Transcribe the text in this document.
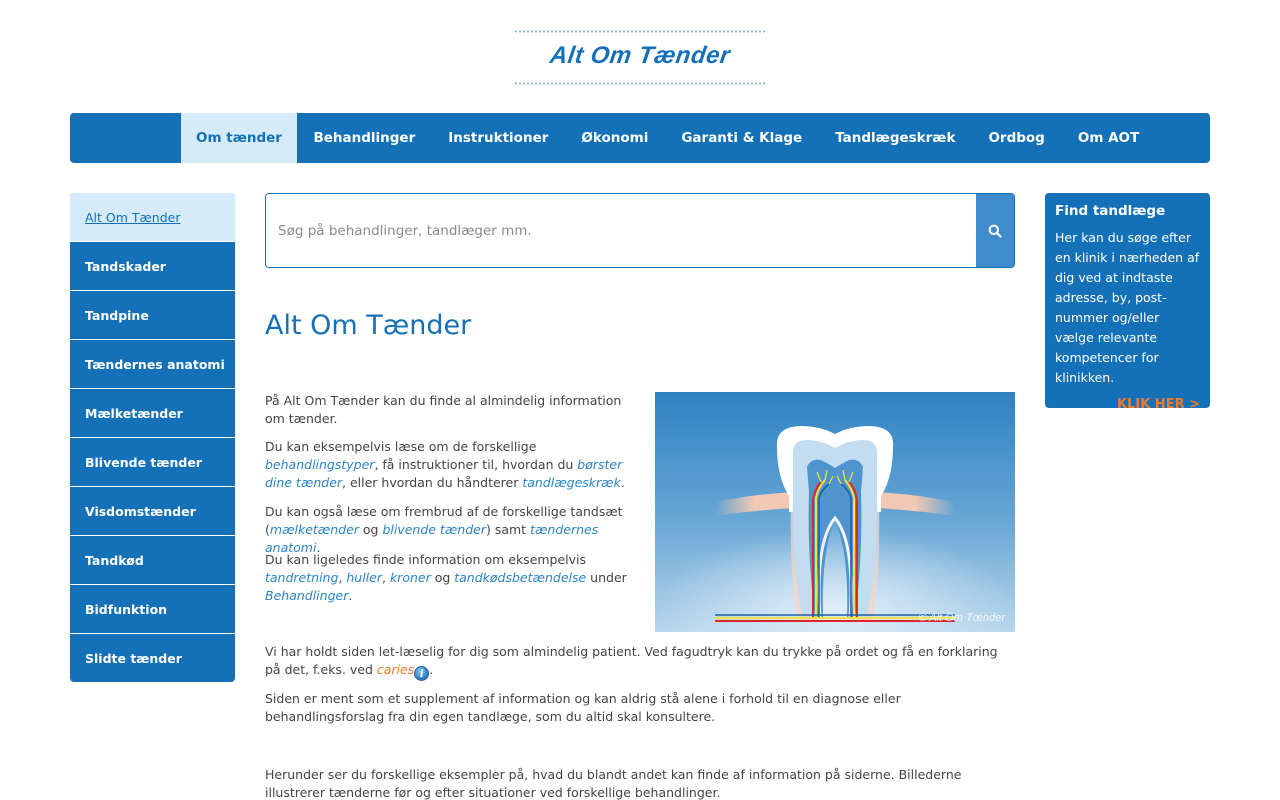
Alt Om Tænder
Om tænder	Behandlinger	Instruktioner	Økonomi	Garanti & Klage	Tandlægeskræk	Ordbog	Om AOT
Alt Om Tænder
Tandskader
Tandpine
Tændernes anatomi
Mælketænder
Blivende tænder
Visdomstænder
Tandkød
Bidfunktion
Slidte tænder
Søg på behandlinger, tandlæger mm.
Alt Om Tænder

På Alt Om Tænder kan du finde al almindelig information om tænder.

Du kan eksempelvis læse om de forskellige behandlingstyper, få instruktioner til, hvordan du børster dine tænder, eller hvordan du håndterer tandlægeskræk.

Du kan også læse om frembrud af de forskellige tandsæt (mælketænder og blivende tænder) samt tændernes anatomi.

Du kan ligeledes finde information om eksempelvis tandretning, huller, kroner og tandkødsbetændelse under Behandlinger.

© Alt Om Tœnder

Vi har holdt siden let-læselig for dig som almindelig patient. Ved fagudtryk kan du trykke på ordet og få en forklaring på det, f.eks. ved caries i .

Siden er ment som et supplement af information og kan aldrig stå alene i forhold til en diagnose eller behandlingsforslag fra din egen tandlæge, som du altid skal konsultere.

Herunder ser du forskellige eksempler på, hvad du blandt andet kan finde af information på siderne. Billederne illustrerer tænderne før og efter situationer ved forskellige behandlinger.

Find tandlæge
Her kan du søge efter en klinik i nærheden af dig ved at indtaste adresse, by, post-nummer og/eller vælge relevante kompetencer for klinikken.
KLIK HER >
